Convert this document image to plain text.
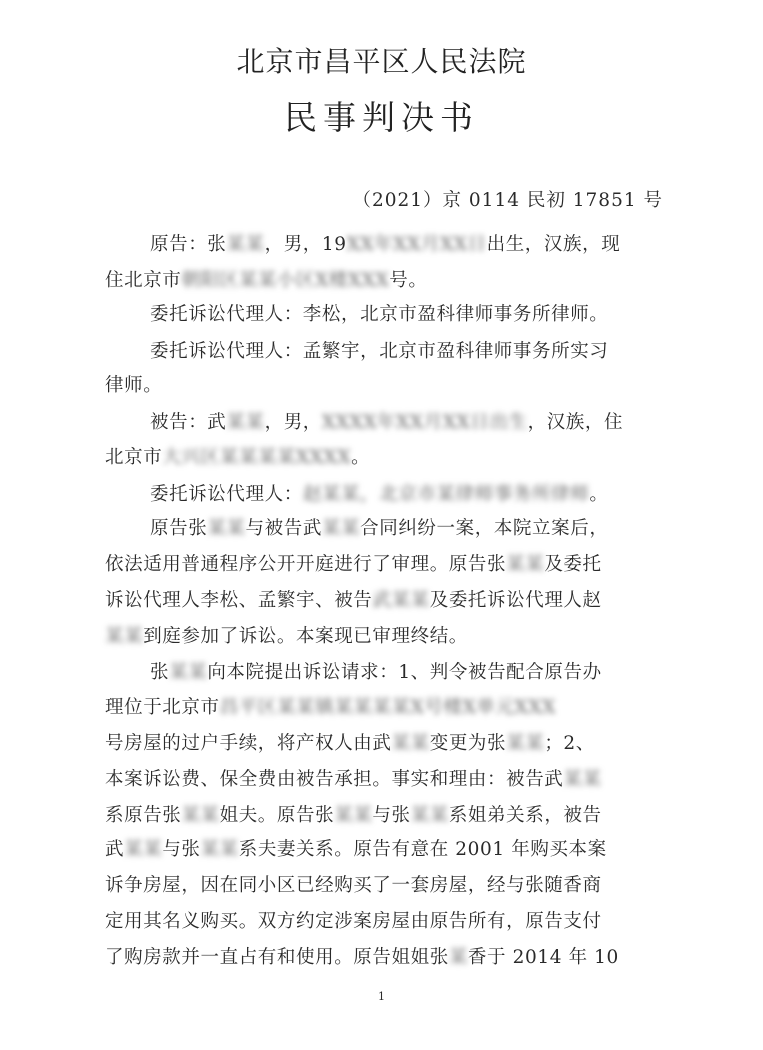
北京市昌平区人民法院
民事判决书
（2021）京 0114 民初 17851 号
原告：张某某，男，19XX年XX月XX日出生，汉族，现
住北京市朝阳区某某小区X楼XXX号。
委托诉讼代理人：李松，北京市盈科律师事务所律师。
委托诉讼代理人：孟繁宇，北京市盈科律师事务所实习
律师。
被告：武某某，男，XXXX年XX月XX日出生，汉族，住
北京市大兴区某某某某XXXX。
委托诉讼代理人：赵某某，北京市某律师事务所律师。
原告张某某与被告武某某合同纠纷一案，本院立案后，
依法适用普通程序公开开庭进行了审理。原告张某某及委托
诉讼代理人李松、孟繁宇、被告武某某及委托诉讼代理人赵
某某到庭参加了诉讼。本案现已审理终结。
张某某向本院提出诉讼请求：1、判令被告配合原告办
理位于北京市昌平区某某镇某某某某X号楼X单元XXX
号房屋的过户手续，将产权人由武某某变更为张某某；2、
本案诉讼费、保全费由被告承担。事实和理由：被告武某某
系原告张某某姐夫。原告张某某与张某某系姐弟关系，被告
武某某与张某某系夫妻关系。原告有意在 2001 年购买本案
诉争房屋，因在同小区已经购买了一套房屋，经与张随香商
定用其名义购买。双方约定涉案房屋由原告所有，原告支付
了购房款并一直占有和使用。原告姐姐张某香于 2014 年 10
1
